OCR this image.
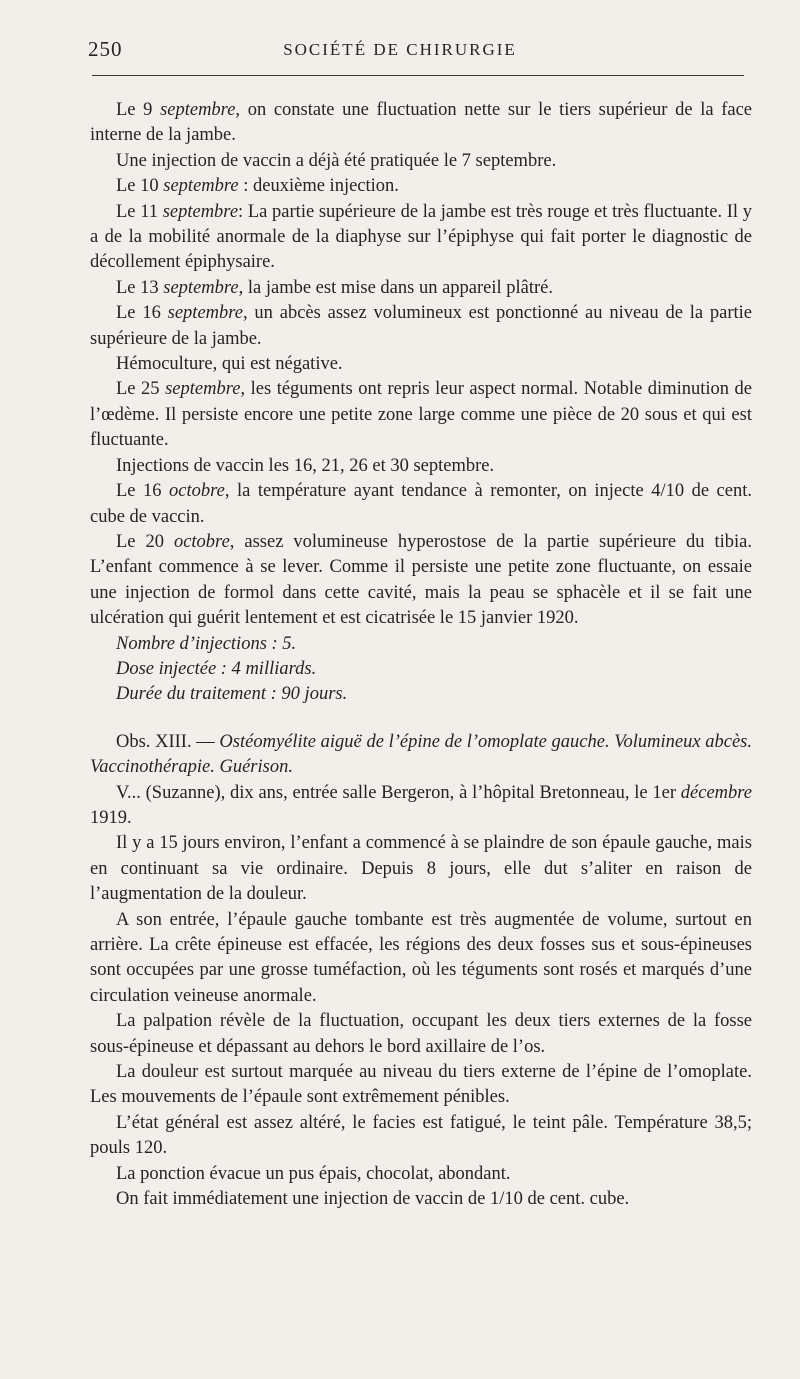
250	SOCIÉTÉ DE CHIRURGIE

Le 9 septembre, on constate une fluctuation nette sur le tiers supérieur de la face interne de la jambe.

Une injection de vaccin a déjà été pratiquée le 7 septembre.

Le 10 septembre : deuxième injection.

Le 11 septembre: La partie supérieure de la jambe est très rouge et très fluctuante. Il y a de la mobilité anormale de la diaphyse sur l’épiphyse qui fait porter le diagnostic de décollement épiphysaire.

Le 13 septembre, la jambe est mise dans un appareil plâtré.

Le 16 septembre, un abcès assez volumineux est ponctionné au niveau de la partie supérieure de la jambe.

Hémoculture, qui est négative.

Le 25 septembre, les téguments ont repris leur aspect normal. Notable diminution de l’œdème. Il persiste encore une petite zone large comme une pièce de 20 sous et qui est fluctuante.

Injections de vaccin les 16, 21, 26 et 30 septembre.

Le 16 octobre, la température ayant tendance à remonter, on injecte 4/10 de cent. cube de vaccin.

Le 20 octobre, assez volumineuse hyperostose de la partie supérieure du tibia. L’enfant commence à se lever. Comme il persiste une petite zone fluctuante, on essaie une injection de formol dans cette cavité, mais la peau se sphacèle et il se fait une ulcération qui guérit lentement et est cicatrisée le 15 janvier 1920.

Nombre d’injections : 5.

Dose injectée : 4 milliards.

Durée du traitement : 90 jours.

Obs. XIII. — Ostéomyélite aiguë de l’épine de l’omoplate gauche. Volumineux abcès. Vaccinothérapie. Guérison.

V... (Suzanne), dix ans, entrée salle Bergeron, à l’hôpital Bretonneau, le 1er décembre 1919.

Il y a 15 jours environ, l’enfant a commencé à se plaindre de son épaule gauche, mais en continuant sa vie ordinaire. Depuis 8 jours, elle dut s’aliter en raison de l’augmentation de la douleur.

A son entrée, l’épaule gauche tombante est très augmentée de volume, surtout en arrière. La crête épineuse est effacée, les régions des deux fosses sus et sous-épineuses sont occupées par une grosse tuméfaction, où les téguments sont rosés et marqués d’une circulation veineuse anormale.

La palpation révèle de la fluctuation, occupant les deux tiers externes de la fosse sous-épineuse et dépassant au dehors le bord axillaire de l’os.

La douleur est surtout marquée au niveau du tiers externe de l’épine de l’omoplate. Les mouvements de l’épaule sont extrêmement pénibles.

L’état général est assez altéré, le facies est fatigué, le teint pâle. Température 38,5; pouls 120.

La ponction évacue un pus épais, chocolat, abondant.

On fait immédiatement une injection de vaccin de 1/10 de cent. cube.
